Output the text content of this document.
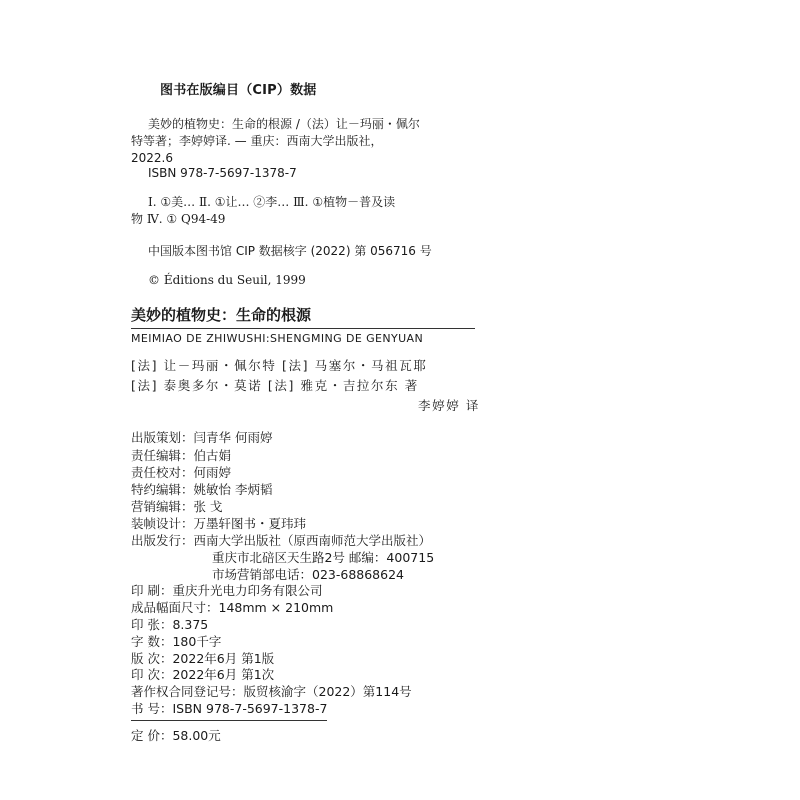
图书在版编目（CIP）数据
美妙的植物史：生命的根源 /（法）让－玛丽・佩尔
特等著；李婷婷译. — 重庆：西南大学出版社，
2022.6
ISBN 978-7-5697-1378-7
Ⅰ. ①美… Ⅱ. ①让… ②李… Ⅲ. ①植物－普及读
物 Ⅳ. ① Q94-49
中国版本图书馆 CIP 数据核字 (2022) 第 056716 号
© Éditions du Seuil, 1999
美妙的植物史：生命的根源
MEIMIAO DE ZHIWUSHI:SHENGMING DE GENYUAN
[法] 让－玛丽・佩尔特 [法] 马塞尔・马祖瓦耶
[法] 泰奥多尔・莫诺 [法] 雅克・吉拉尔东 著
李婷婷 译
出版策划：闫青华 何雨婷
责任编辑：伯古娟
责任校对：何雨婷
特约编辑：姚敏怡 李炳韬
营销编辑：张 戈
装帧设计：万墨轩图书・夏玮玮
出版发行：西南大学出版社（原西南师范大学出版社）
重庆市北碚区天生路2号 邮编：400715
市场营销部电话：023-68868624
印 刷：重庆升光电力印务有限公司
成品幅面尺寸：148mm × 210mm
印 张：8.375
字 数：180千字
版 次：2022年6月 第1版
印 次：2022年6月 第1次
著作权合同登记号：版贸核渝字（2022）第114号
书 号：ISBN 978-7-5697-1378-7
定 价：58.00元
